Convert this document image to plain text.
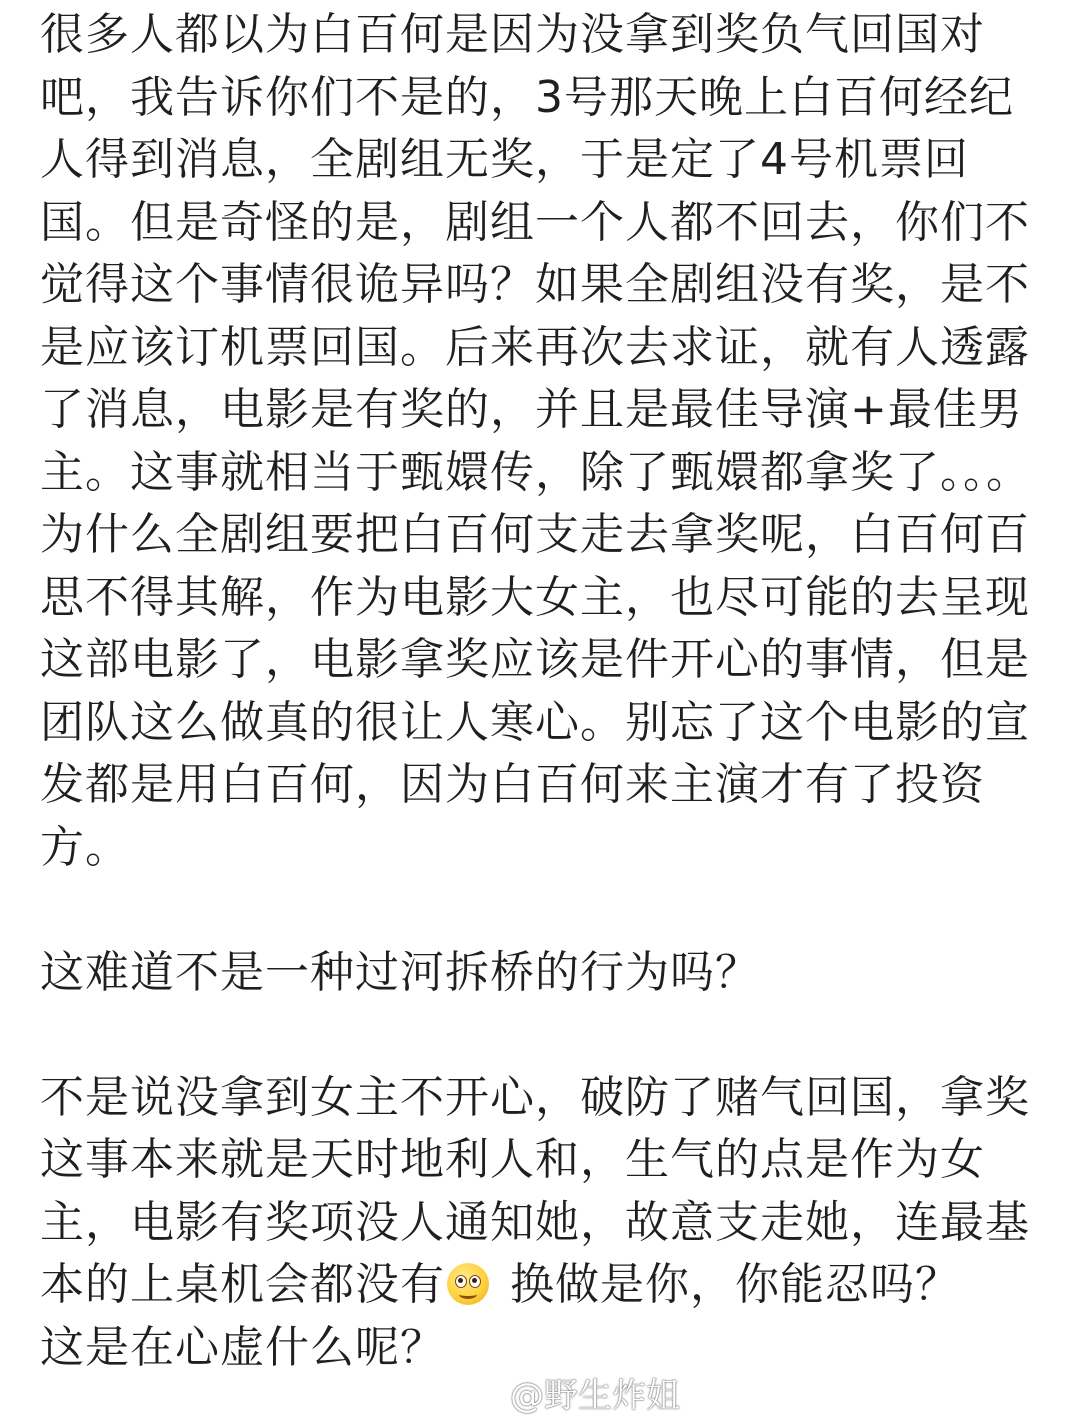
很多人都以为白百何是因为没拿到奖负气回国对吧，我告诉你们不是的，3号那天晚上白百何经纪人得到消息，全剧组无奖，于是定了4号机票回国。但是奇怪的是，剧组一个人都不回去，你们不觉得这个事情很诡异吗？如果全剧组没有奖，是不是应该订机票回国。后来再次去求证，就有人透露了消息，电影是有奖的，并且是最佳导演+最佳男主。这事就相当于甄嬛传，除了甄嬛都拿奖了。。。为什么全剧组要把白百何支走去拿奖呢，白百何百思不得其解，作为电影大女主，也尽可能的去呈现这部电影了，电影拿奖应该是件开心的事情，但是团队这么做真的很让人寒心。别忘了这个电影的宣发都是用白百何，因为白百何来主演才有了投资方。

这难道不是一种过河拆桥的行为吗？

不是说没拿到女主不开心，破防了赌气回国，拿奖这事本来就是天时地利人和，生气的点是作为女主，电影有奖项没人通知她，故意支走她，连最基本的上桌机会都没有
换做是你，你能忍吗？
这是在心虚什么呢？

@野生炸姐
